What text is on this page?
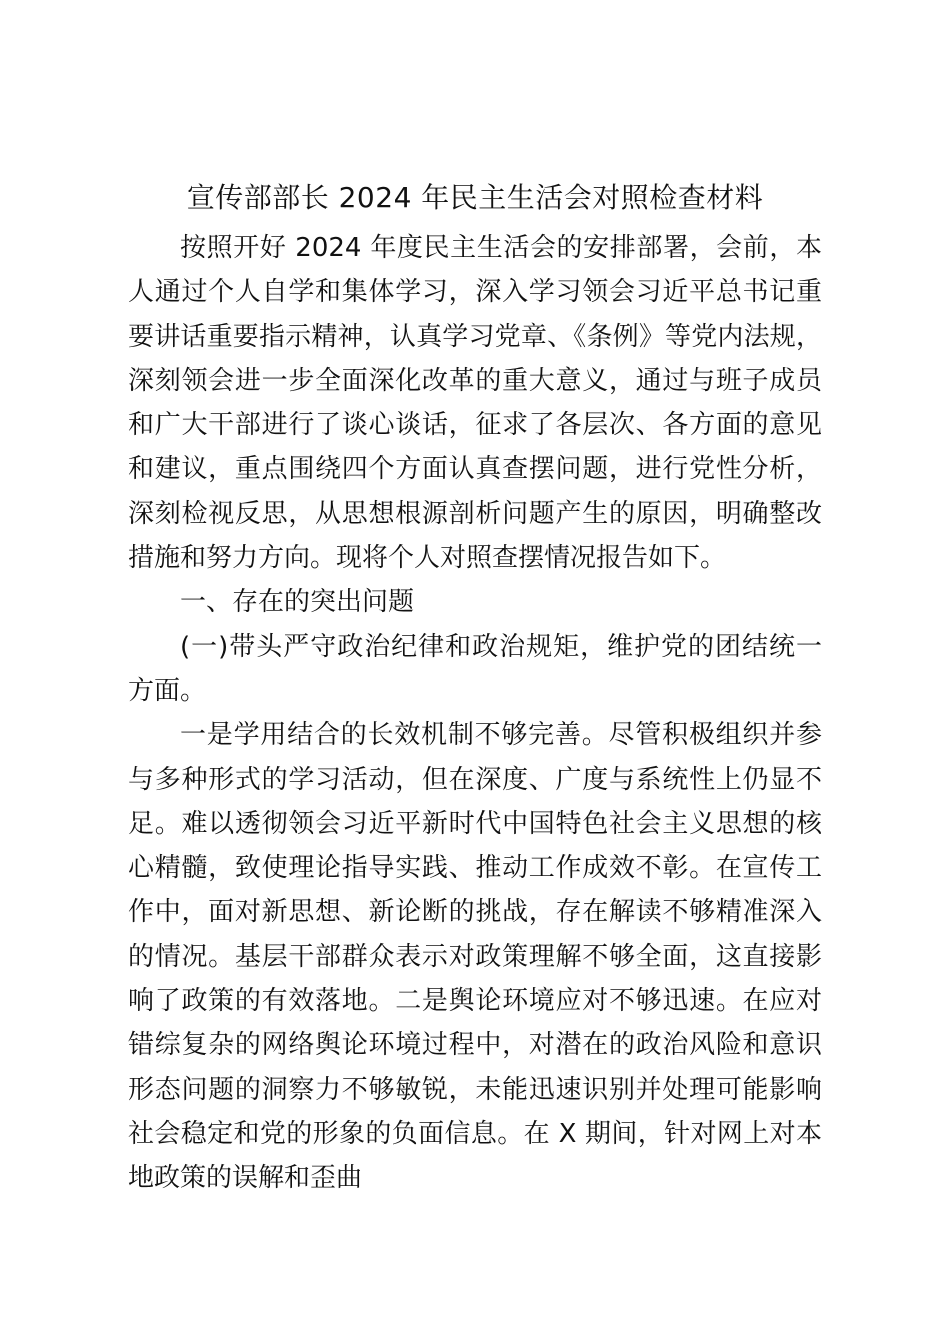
宣传部部长 2024 年民主生活会对照检查材料

按照开好 2024 年度民主生活会的安排部署，会前，本人通过个人自学和集体学习，深入学习领会习近平总书记重要讲话重要指示精神，认真学习党章、《条例》等党内法规，深刻领会进一步全面深化改革的重大意义，通过与班子成员和广大干部进行了谈心谈话，征求了各层次、各方面的意见和建议，重点围绕四个方面认真查摆问题，进行党性分析，深刻检视反思，从思想根源剖析问题产生的原因，明确整改措施和努力方向。现将个人对照查摆情况报告如下。

一、存在的突出问题

(一)带头严守政治纪律和政治规矩，维护党的团结统一方面。

一是学用结合的长效机制不够完善。尽管积极组织并参与多种形式的学习活动，但在深度、广度与系统性上仍显不足。难以透彻领会习近平新时代中国特色社会主义思想的核心精髓，致使理论指导实践、推动工作成效不彰。在宣传工作中，面对新思想、新论断的挑战，存在解读不够精准深入的情况。基层干部群众表示对政策理解不够全面，这直接影响了政策的有效落地。二是舆论环境应对不够迅速。在应对错综复杂的网络舆论环境过程中，对潜在的政治风险和意识形态问题的洞察力不够敏锐，未能迅速识别并处理可能影响社会稳定和党的形象的负面信息。在 X 期间，针对网上对本地政策的误解和歪曲
